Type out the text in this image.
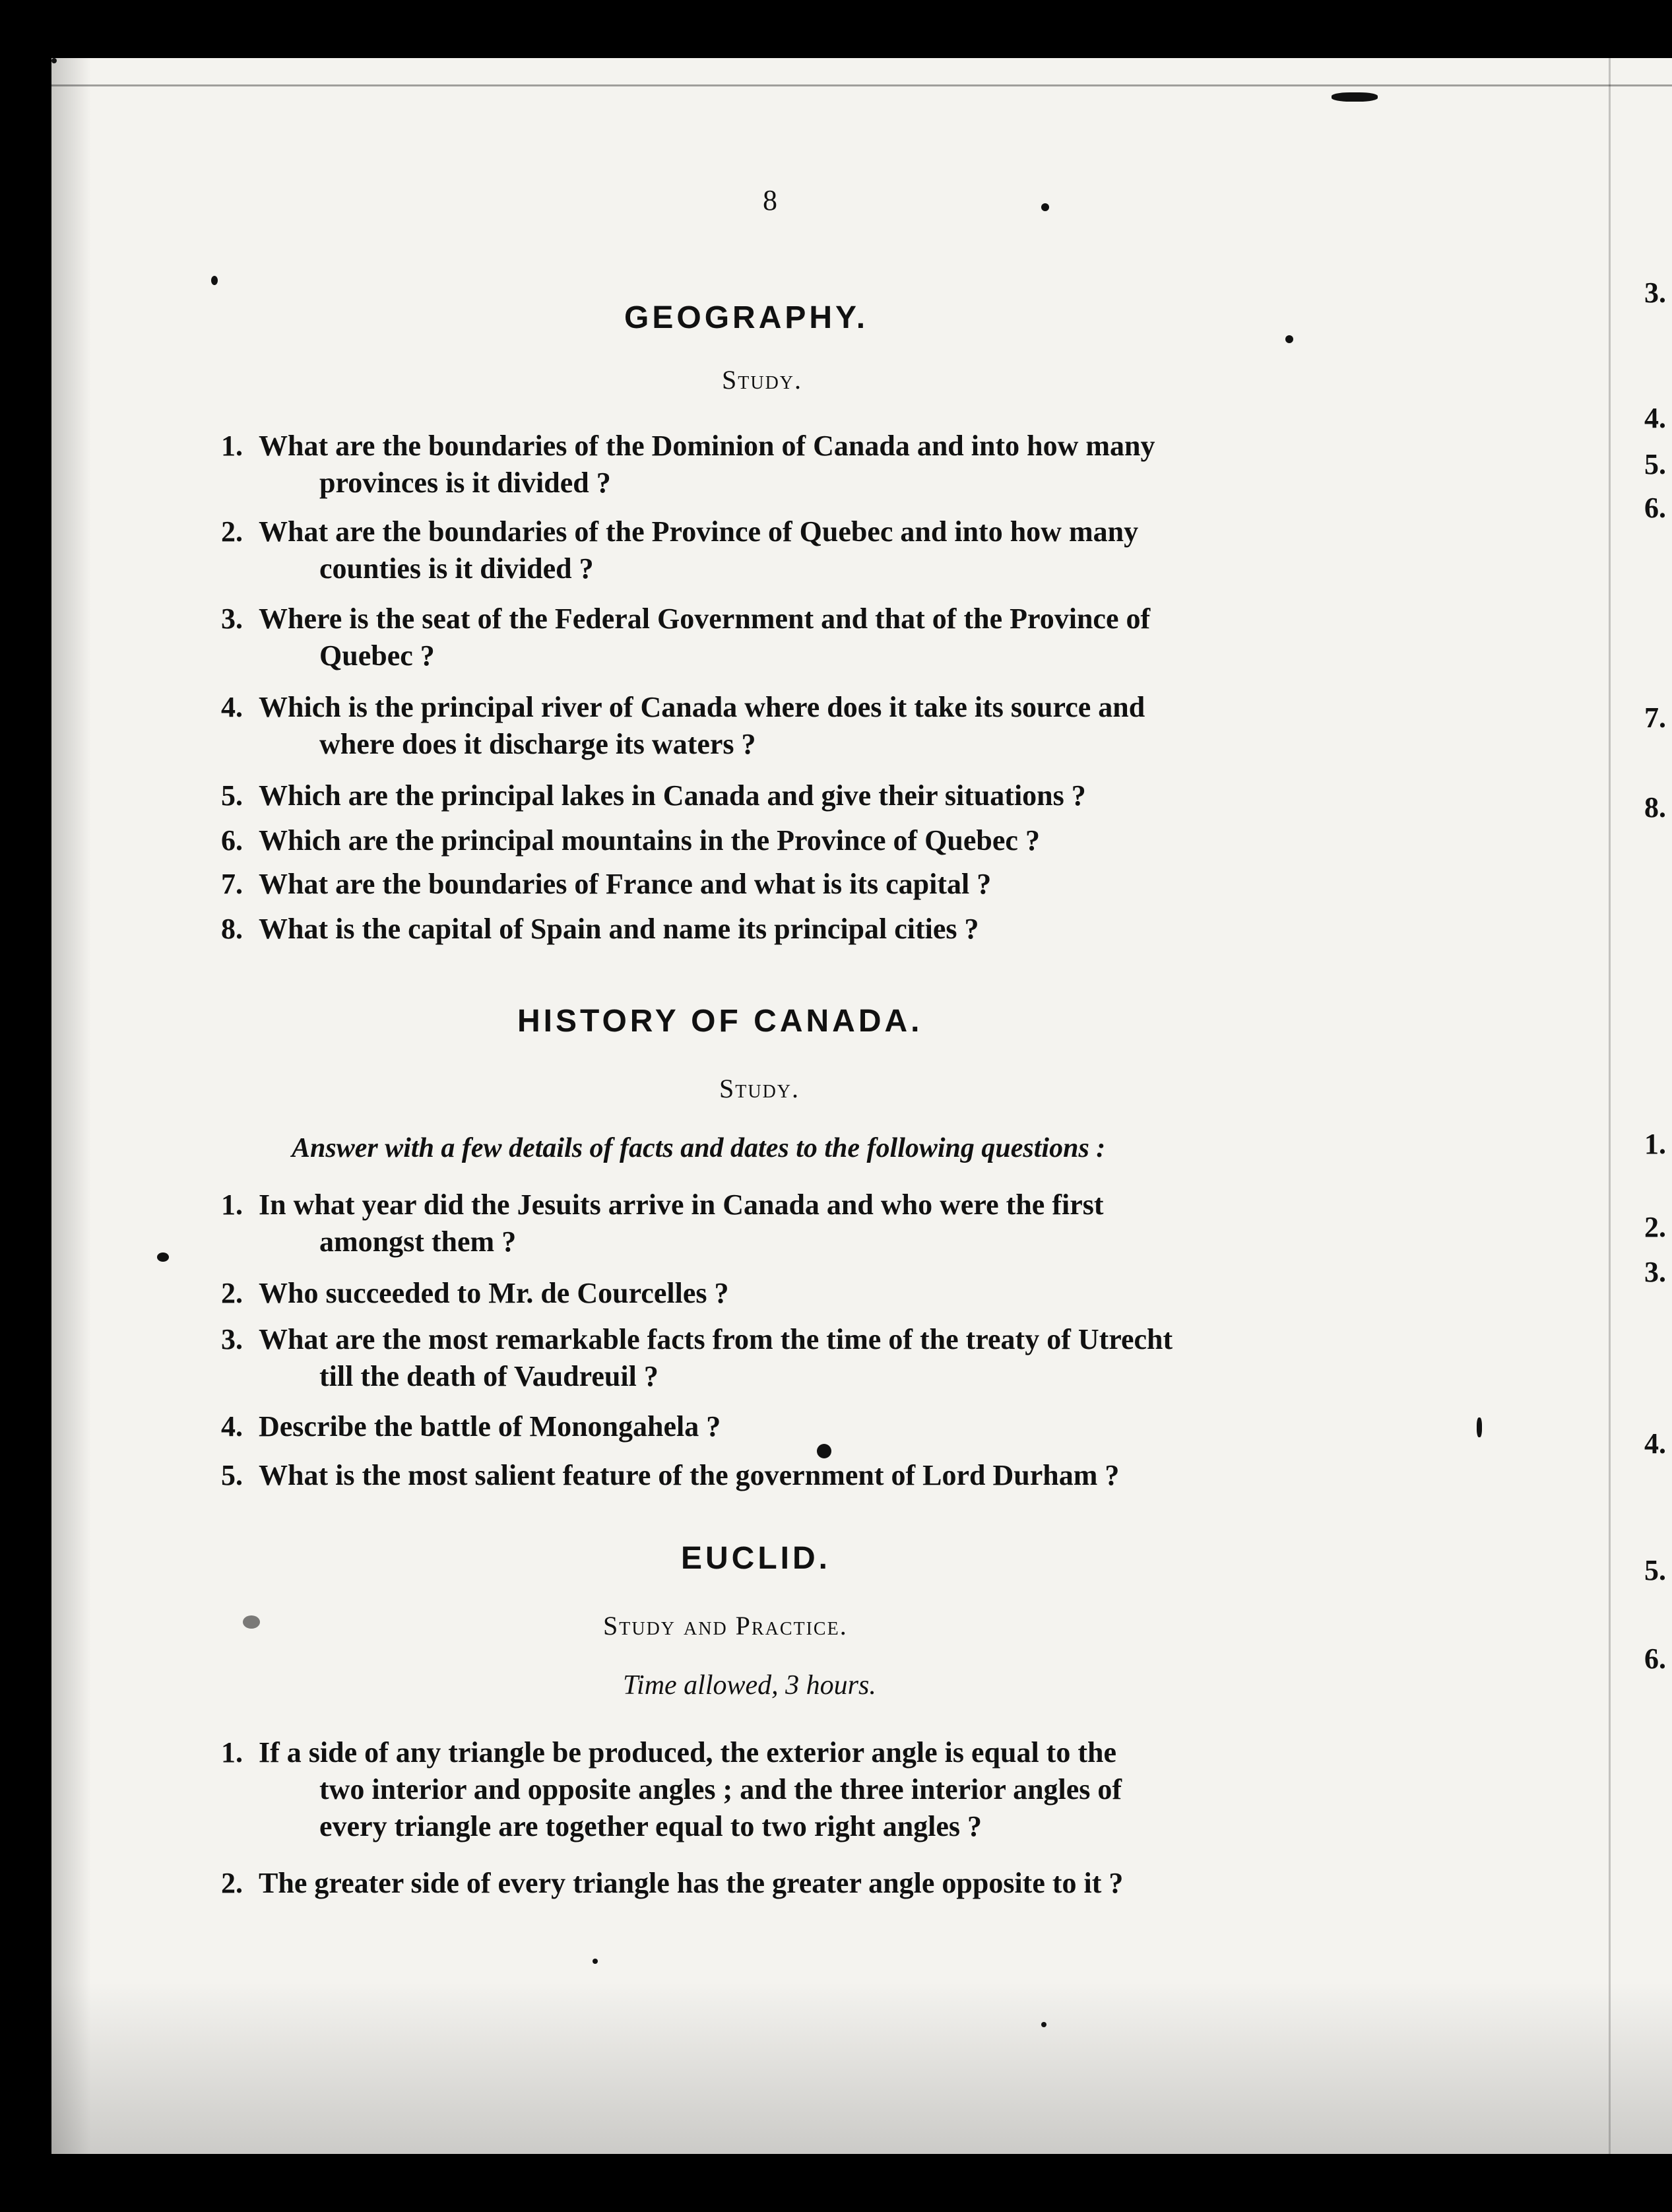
8
GEOGRAPHY.
Study.
1. What are the boundaries of the Dominion of Canada and into how many
provinces is it divided ?
2. What are the boundaries of the Province of Quebec and into how many
counties is it divided ?
3. Where is the seat of the Federal Government and that of the Province of
Quebec ?
4. Which is the principal river of Canada where does it take its source and
where does it discharge its waters ?
5. Which are the principal lakes in Canada and give their situations ?
6. Which are the principal mountains in the Province of Quebec ?
7. What are the boundaries of France and what is its capital ?
8. What is the capital of Spain and name its principal cities ?
HISTORY OF CANADA.
Study.
Answer with a few details of facts and dates to the following questions :
1. In what year did the Jesuits arrive in Canada and who were the first
amongst them ?
2. Who succeeded to Mr. de Courcelles ?
3. What are the most remarkable facts from the time of the treaty of Utrecht
till the death of Vaudreuil ?
4. Describe the battle of Monongahela ?
5. What is the most salient feature of the government of Lord Durham ?
EUCLID.
Study and Practice.
Time allowed, 3 hours.
1. If a side of any triangle be produced, the exterior angle is equal to the
two interior and opposite angles ; and the three interior angles of
every triangle are together equal to two right angles ?
2. The greater side of every triangle has the greater angle opposite to it ?
3.
4.
5.
6.
7.
8.
1.
2.
3.
4.
5.
6.
